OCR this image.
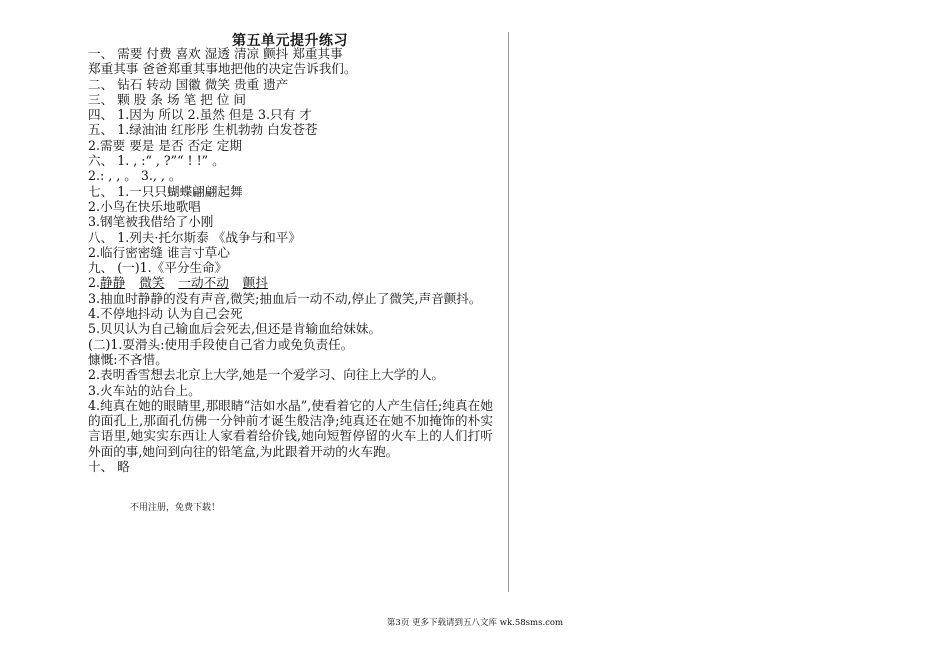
第五单元提升练习
一、 需要 付费 喜欢 湿透 清凉 颤抖 郑重其事
郑重其事 爸爸郑重其事地把他的决定告诉我们。
二、 钻石 转动 国徽 微笑 贵重 遗产
三、 颗 股 条 场 笔 把 位 间
四、 1.因为 所以 2.虽然 但是 3.只有 才
五、 1.绿油油 红彤彤 生机勃勃 白发苍苍
2.需要 要是 是否 否定 定期
六、 1. , :“ , ?”“ ! !” 。
2.: , , 。 3., , 。
七、 1.一只只蝴蝶翩翩起舞
2.小鸟在快乐地歌唱
3.钢笔被我借给了小刚
八、 1.列夫·托尔斯泰 《战争与和平》
2.临行密密缝 谁言寸草心
九、 (一)1.《平分生命》
2.静静 微笑 一动不动 颤抖
3.抽血时静静的没有声音,微笑;抽血后一动不动,停止了微笑,声音颤抖。
4.不停地抖动 认为自己会死
5.贝贝认为自己输血后会死去,但还是肯输血给妹妹。
(二)1.耍滑头:使用手段使自己省力或免负责任。
慷慨:不吝惜。
2.表明香雪想去北京上大学,她是一个爱学习、向往上大学的人。
3.火车站的站台上。
4.纯真在她的眼睛里,那眼睛“洁如水晶”,使看着它的人产生信任;纯真在她的面孔上,那面孔仿佛一分钟前才诞生般洁净;纯真还在她不加掩饰的朴实言语里,她实实东西让人家看着给价钱,她向短暂停留的火车上的人们打听外面的事,她问到向往的铅笔盒,为此跟着开动的火车跑。
十、 略
不用注册，免费下载！
第3页 更多下载请到五八文库 wk.58sms.com
